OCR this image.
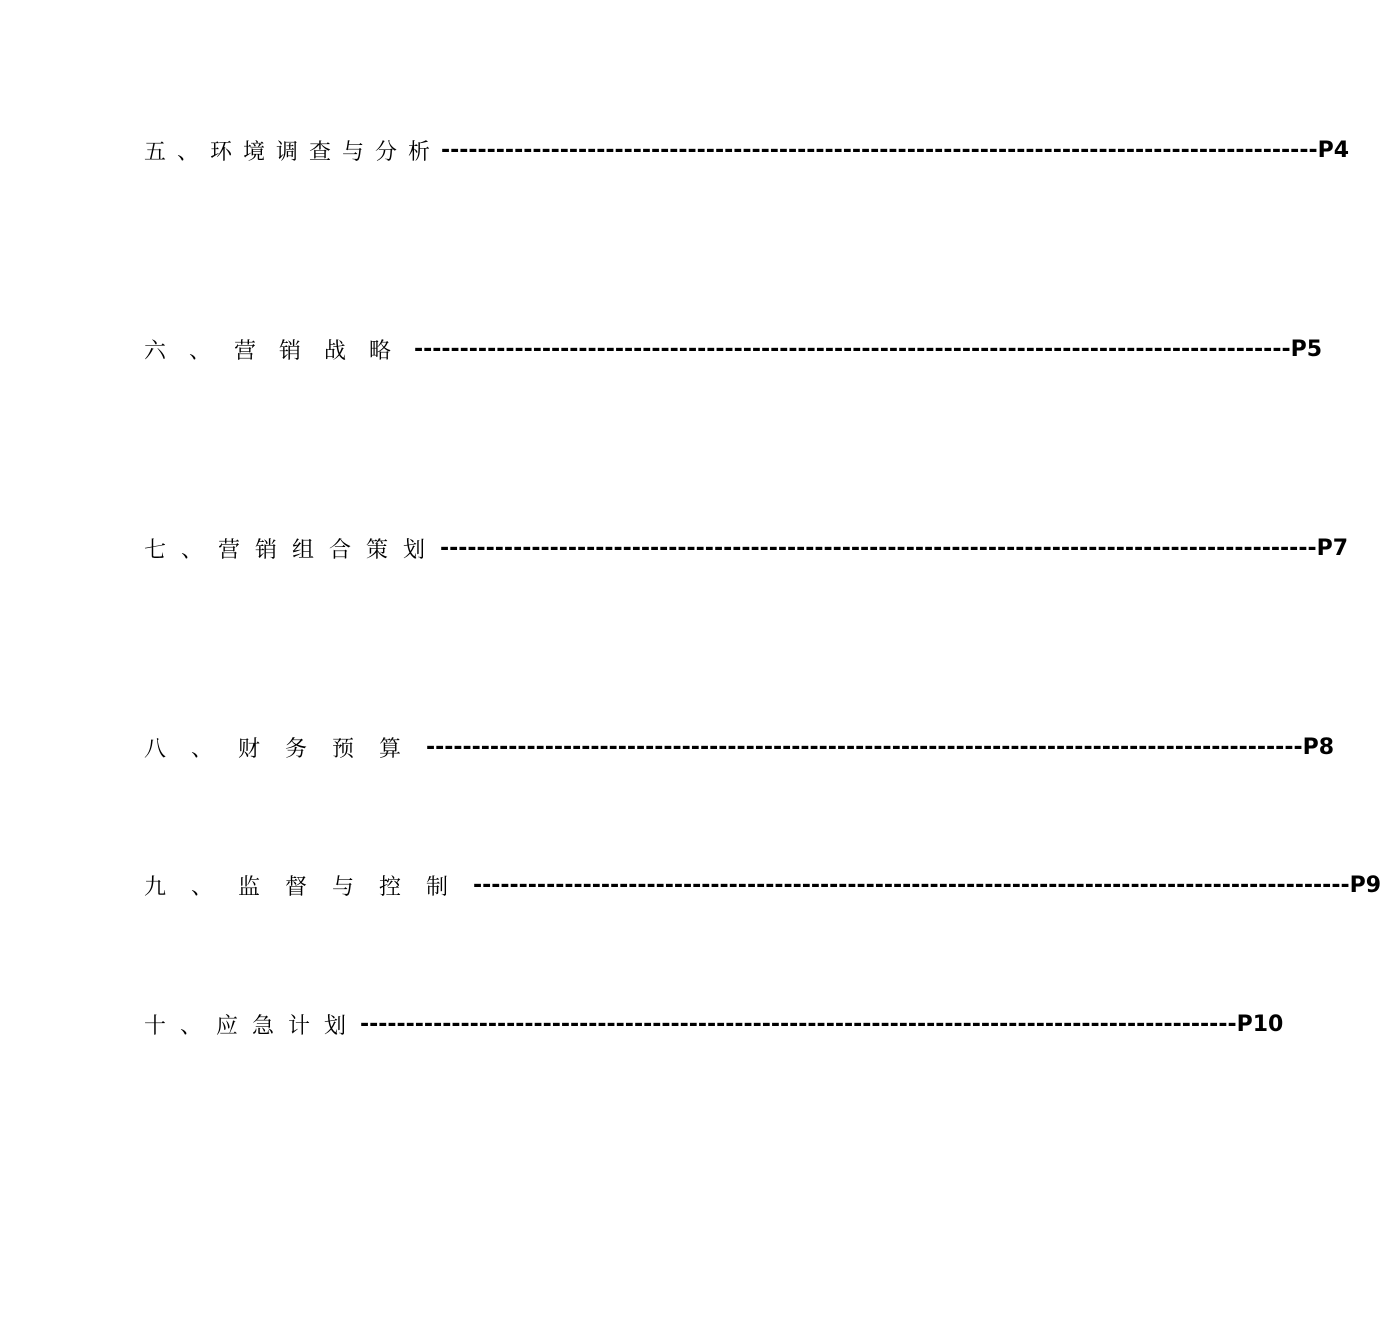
五、环境调查与分析 ------------------------------------------------------------------------------------------------ P4
六、营销战略 ------------------------------------------------------------------------------------------------ P5
七、营销组合策划 ------------------------------------------------------------------------------------------------ P7
八、财务预算 ------------------------------------------------------------------------------------------------ P8
九、监督与控制 ------------------------------------------------------------------------------------------------ P9
十、应急计划 ------------------------------------------------------------------------------------------------ P10
